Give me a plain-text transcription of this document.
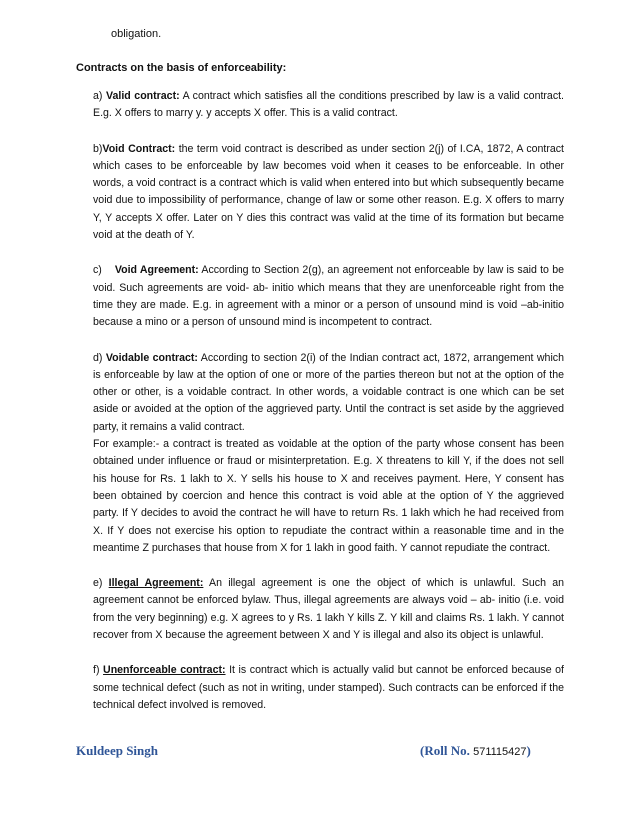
obligation.

Contracts on the basis of enforceability:

a) Valid contract: A contract which satisfies all the conditions prescribed by law is a valid contract. E.g. X offers to marry y. y accepts X offer. This is a valid contract.

b)Void Contract: the term void contract is described as under section 2(j) of I.CA, 1872, A contract which cases to be enforceable by law becomes void when it ceases to be enforceable. In other words, a void contract is a contract which is valid when entered into but which subsequently became void due to impossibility of performance, change of law or some other reason. E.g. X offers to marry Y, Y accepts X offer. Later on Y dies this contract was valid at the time of its formation but became void at the death of Y.

c)    Void Agreement: According to Section 2(g), an agreement not enforceable by law is said to be void. Such agreements are void- ab- initio which means that they are unenforceable right from the time they are made. E.g. in agreement with a minor or a person of unsound mind is void –ab-initio because a mino or a person of unsound mind is incompetent to contract.

d) Voidable contract: According to section 2(i) of the Indian contract act, 1872, arrangement which is enforceable by law at the option of one or more of the parties thereon but not at the option of the other or other, is a voidable contract. In other words, a voidable contract is one which can be set aside or avoided at the option of the aggrieved party. Until the contract is set aside by the aggrieved party, it remains a valid contract.
For example:- a contract is treated as voidable at the option of the party whose consent has been obtained under influence or fraud or misinterpretation. E.g. X threatens to kill Y, if the does not sell his house for Rs. 1 lakh to X. Y sells his house to X and receives payment. Here, Y consent has been obtained by coercion and hence this contract is void able at the option of Y the aggrieved party. If Y decides to avoid the contract he will have to return Rs. 1 lakh which he had received from X. If Y does not exercise his option to repudiate the contract within a reasonable time and in the meantime Z purchases that house from X for 1 lakh in good faith. Y cannot repudiate the contract.

e) Illegal Agreement: An illegal agreement is one the object of which is unlawful. Such an agreement cannot be enforced bylaw. Thus, illegal agreements are always void – ab- initio (i.e. void from the very beginning) e.g. X agrees to y Rs. 1 lakh Y kills Z. Y kill and claims Rs. 1 lakh. Y cannot recover from X because the agreement between X and Y is illegal and also its object is unlawful.

f) Unenforceable contract: It is contract which is actually valid but cannot be enforced because of some technical defect (such as not in writing, under stamped). Such contracts can be enforced if the technical defect involved is removed.

Kuldeep Singh	(Roll No. 571115427)
